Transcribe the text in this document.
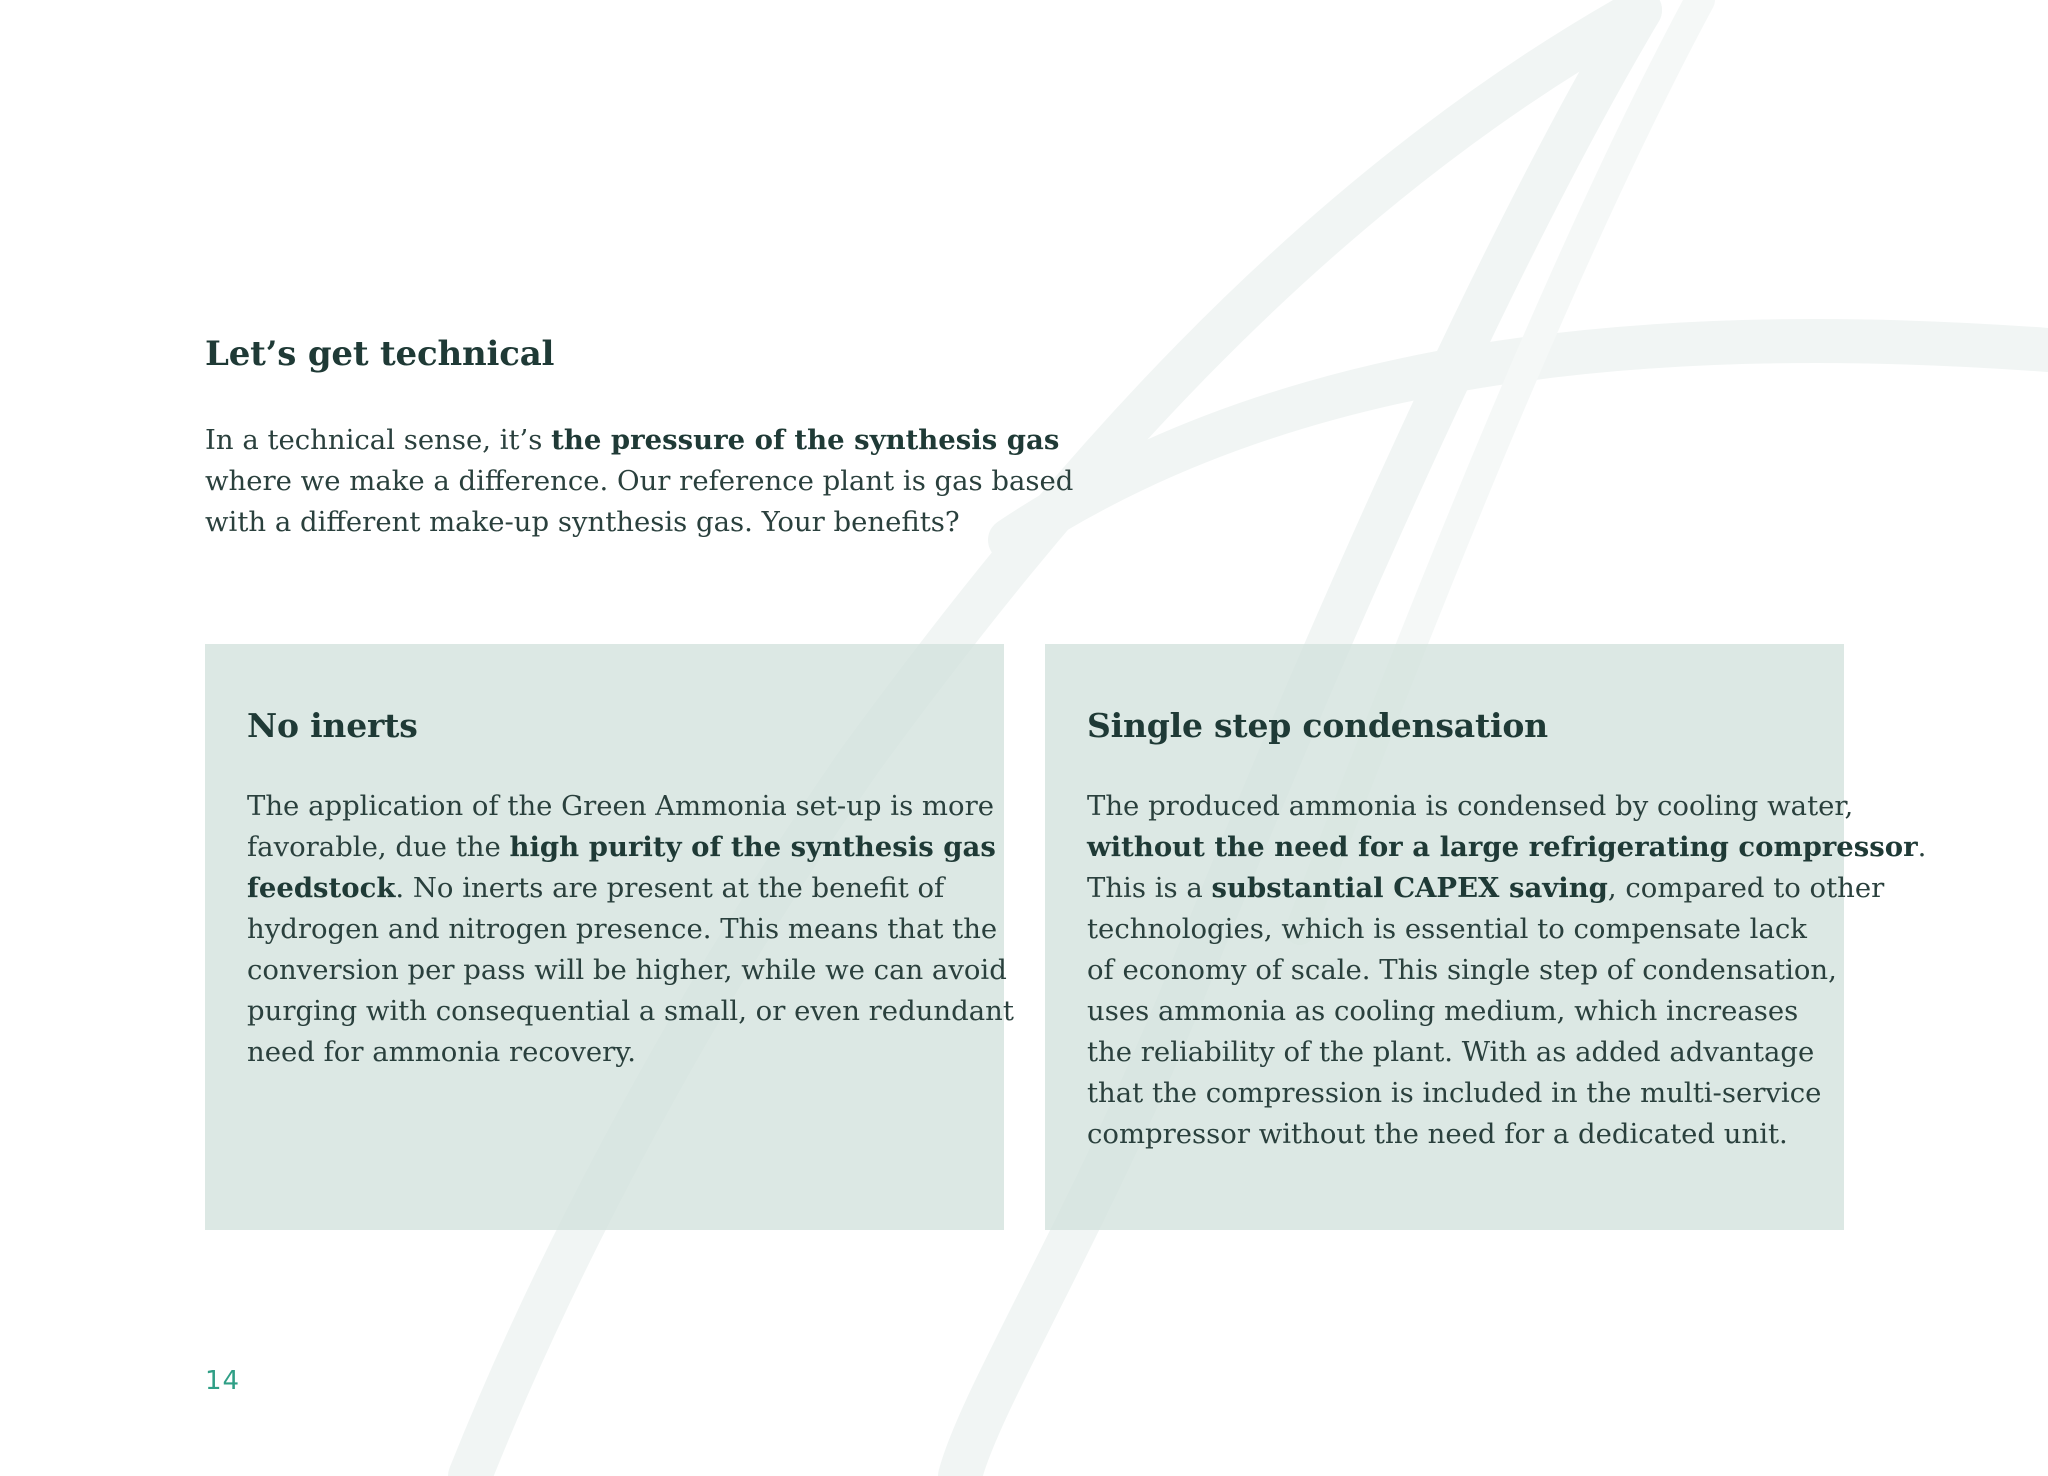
Let’s get technical

In a technical sense, it’s the pressure of the synthesis gas
where we make a difference. Our reference plant is gas based
with a different make-up synthesis gas. Your benefits?

No inerts

The application of the Green Ammonia set-up is more
favorable, due the high purity of the synthesis gas
feedstock. No inerts are present at the benefit of
hydrogen and nitrogen presence. This means that the
conversion per pass will be higher, while we can avoid
purging with consequential a small, or even redundant
need for ammonia recovery.

Single step condensation

The produced ammonia is condensed by cooling water,
without the need for a large refrigerating compressor.
This is a substantial CAPEX saving, compared to other
technologies, which is essential to compensate lack
of economy of scale. This single step of condensation,
uses ammonia as cooling medium, which increases
the reliability of the plant. With as added advantage
that the compression is included in the multi-service
compressor without the need for a dedicated unit.

14
